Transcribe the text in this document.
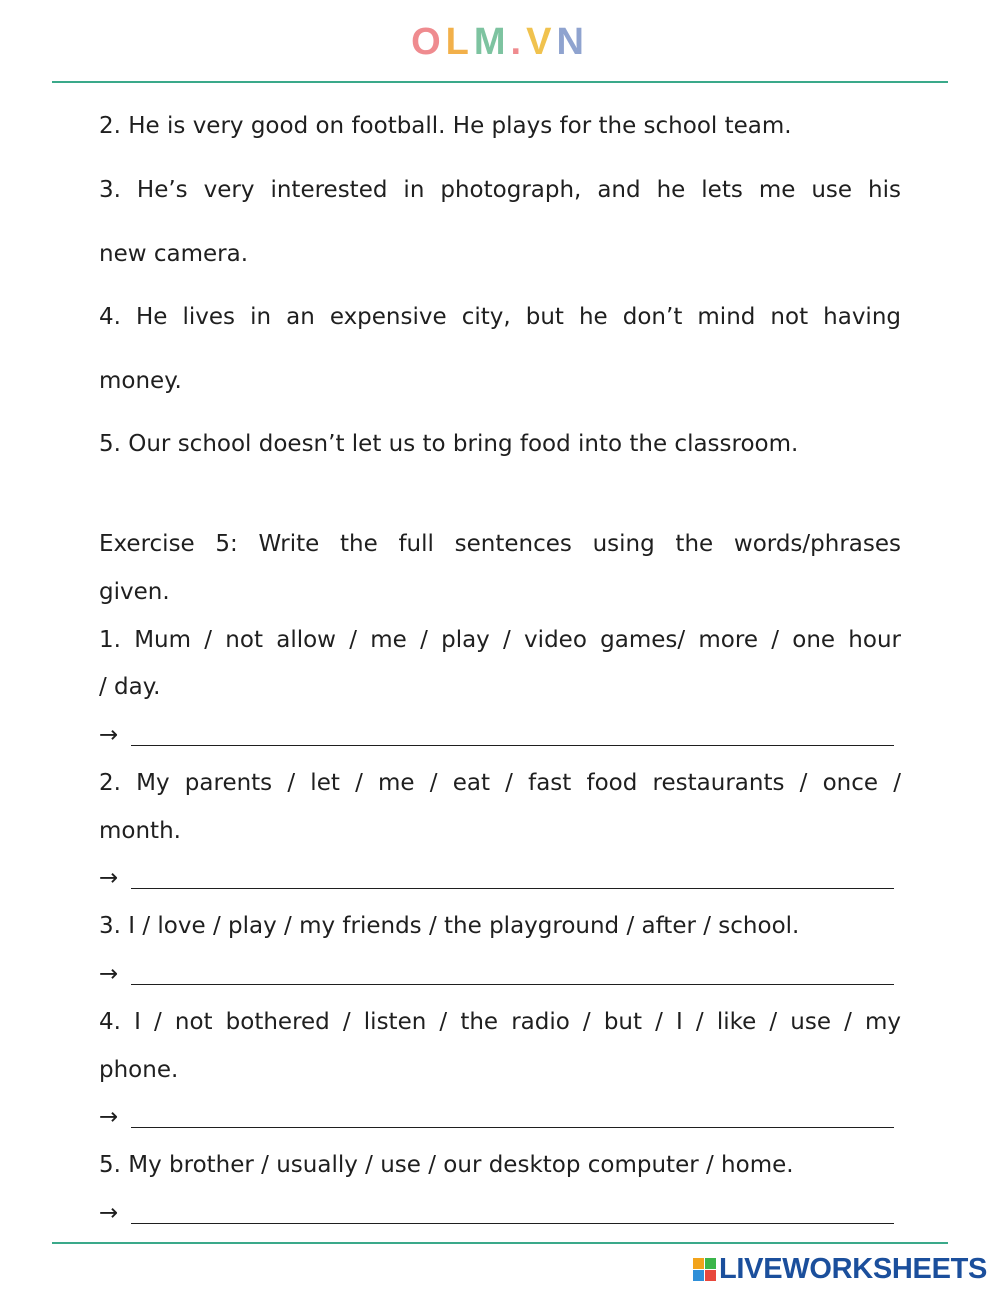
OLM.VN
2. He is very good on football. He plays for the school team.
3. He’s very interested in photograph, and he lets me use his
new camera.
4. He lives in an expensive city, but he don’t mind not having
money.
5. Our school doesn’t let us to bring food into the classroom.
Exercise 5: Write the full sentences using the words/phrases
given.
1. Mum / not allow / me / play / video games/ more / one hour
/ day.
→
2. My parents / let / me / eat / fast food restaurants / once /
month.
→
3. I / love / play / my friends / the playground / after / school.
→
4. I / not bothered / listen / the radio / but / I / like / use / my
phone.
→
5. My brother / usually / use / our desktop computer / home.
→
LIVEWORKSHEETS
